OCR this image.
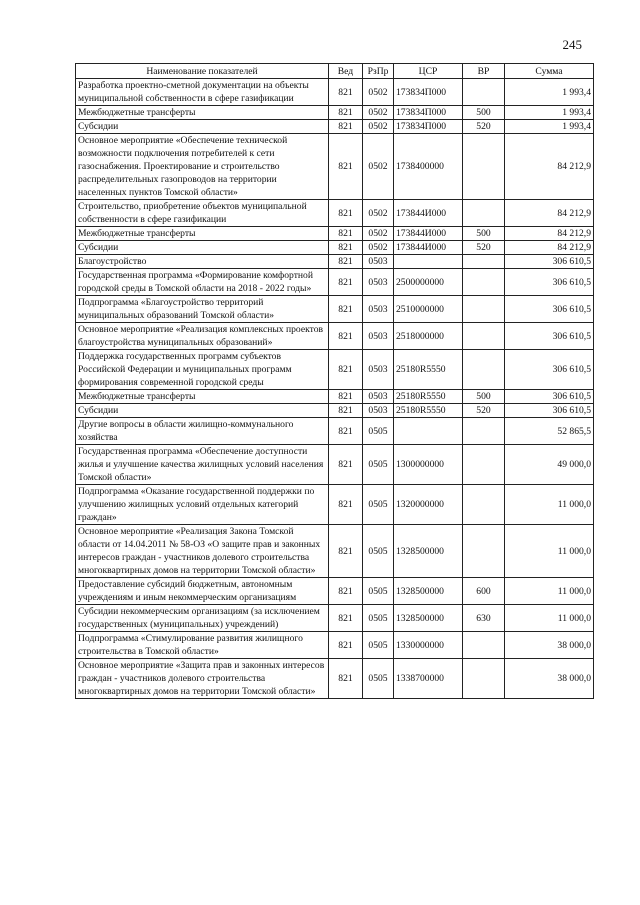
245
Наименование показателей	Вед	РзПр	ЦСР	ВР	Сумма
Разработка проектно-сметной документации на объекты муниципальной собственности в сфере газификации	821	0502	173834П000		1 993,4
Межбюджетные трансферты	821	0502	173834П000	500	1 993,4
Субсидии	821	0502	173834П000	520	1 993,4
Основное мероприятие «Обеспечение технической возможности подключения потребителей к сети газоснабжения. Проектирование и строительство распределительных газопроводов на территории населенных пунктов Томской области»	821	0502	1738400000		84 212,9
Строительство, приобретение объектов муниципальной собственности в сфере газификации	821	0502	173844И000		84 212,9
Межбюджетные трансферты	821	0502	173844И000	500	84 212,9
Субсидии	821	0502	173844И000	520	84 212,9
Благоустройство	821	0503			306 610,5
Государственная программа «Формирование комфортной городской среды в Томской области на 2018 - 2022 годы»	821	0503	2500000000		306 610,5
Подпрограмма «Благоустройство территорий муниципальных образований Томской области»	821	0503	2510000000		306 610,5
Основное мероприятие «Реализация комплексных проектов благоустройства муниципальных образований»	821	0503	2518000000		306 610,5
Поддержка государственных программ субъектов Российской Федерации и муниципальных программ формирования современной городской среды	821	0503	25180R5550		306 610,5
Межбюджетные трансферты	821	0503	25180R5550	500	306 610,5
Субсидии	821	0503	25180R5550	520	306 610,5
Другие вопросы в области жилищно-коммунального хозяйства	821	0505			52 865,5
Государственная программа «Обеспечение доступности жилья и улучшение качества жилищных условий населения Томской области»	821	0505	1300000000		49 000,0
Подпрограмма «Оказание государственной поддержки по улучшению жилищных условий отдельных категорий граждан»	821	0505	1320000000		11 000,0
Основное мероприятие «Реализация Закона Томской области от 14.04.2011 № 58-ОЗ «О защите прав и законных интересов граждан - участников долевого строительства многоквартирных домов на территории Томской области»	821	0505	1328500000		11 000,0
Предоставление субсидий бюджетным, автономным учреждениям и иным некоммерческим организациям	821	0505	1328500000	600	11 000,0
Субсидии некоммерческим организациям (за исключением государственных (муниципальных) учреждений)	821	0505	1328500000	630	11 000,0
Подпрограмма «Стимулирование развития жилищного строительства в Томской области»	821	0505	1330000000		38 000,0
Основное мероприятие «Защита прав и законных интересов граждан - участников долевого строительства многоквартирных домов на территории Томской области»	821	0505	1338700000		38 000,0
